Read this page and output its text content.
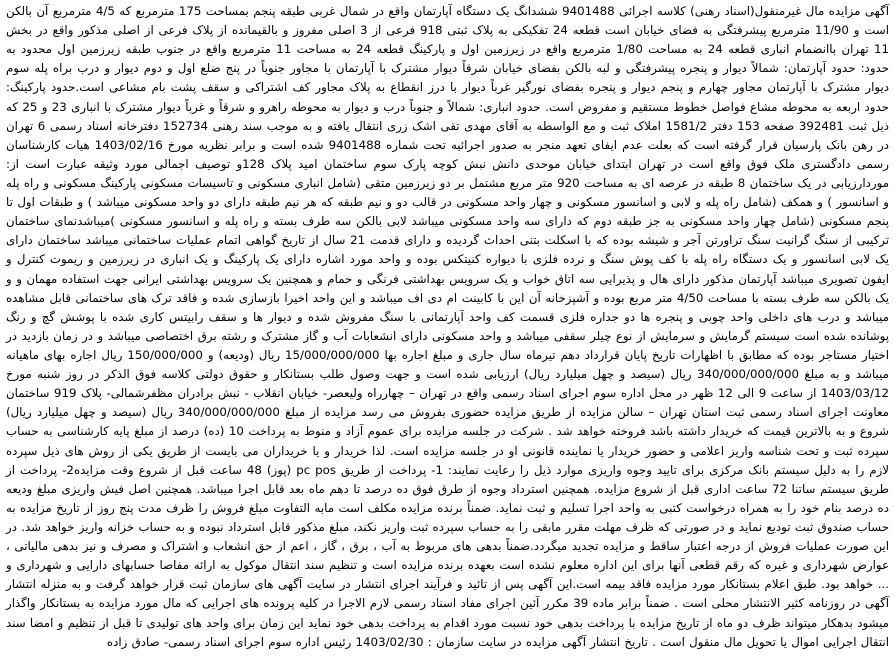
آگهی مزایده مال غیرمنقول(اسناد رهنی) کلاسه اجرائی 9401488 ششدانگ یک دستگاه آپارتمان واقع در شمال غربی طبقه پنجم بمساحت 175 مترمربع که 4/5 مترمربع آن بالکن است و 11/90 مترمربع پیشرفتگی به فضای خیابان است قطعه 24 تفکیکی به پلاک ثبتی 918 فرعی از 3 اصلی مفروز و بالقیمانده از پلاک فرعی از اصلی مذکور واقع در بخش 11 تهران باانضمام انباری قطعه 24 به مساحت 1/80 مترمربع واقع در زیرزمین اول و پارکینگ قطعه 24 به مساحت 11 مترمربع واقع در جنوب طبقه زیرزمین اول محدود به حدود: حدود آپارتمان: شمالاً دیوار و پنجره پیشرفتگی و لبه بالکن بفضای خیابان شرقاً دیوار مشترک با آپارتمان با مجاور جنوباً در پنج ضلع اول و دوم دیوار و درب براه پله سوم دیوار مشترک با آپارتمان مجاور چهارم و پنجم دیوار و پنجره بفضای نورگیر غرباً دیوار با درز انقطاع به پلاک مجاور کف اشتراکی و سقف پشت بام مشاعی است.حدود پارکینگ: حدود اربعه به محوطه مشاع فواصل خطوط مستقیم و مفروض است. حدود انباری: شمالاً و جنوباً درب و دیوار به محوطه راهرو و شرقاً و غرباً دیوار مشترک با انباری 23 و 25 که ذیل ثبت 392481 صفحه 153 دفتر 1581/2 املاک ثبت و مع الواسطه به آقای مهدی تقی اشک زری انتقال یافته و به موجب سند رهنی 152734 دفترخانه اسناد رسمی 6 تهران در رهن بانک پارسیان قرار گرفته است که بعلت عدم ایفای تعهد منجر به صدور اجرائیه تحت شماره 9401488 شده است و برابر نظریه مورخ 1403/02/16 هیات کارشناسان رسمی دادگستری ملک فوق واقع است در تهران ابتدای خیابان موحدی دانش نبش کوچه پارک سوم ساختمان امید پلاک 128و توصیف اجمالی مورد وثیقه عبارت است از: موردارزیابی در یک ساختمان 8 طبقه در عرصه ای به مساحت 920 متر مربع مشتمل بر دو زیرزمین متقی (شامل انباری مسکونی و تاسیسات مسکونی پارکینگ مسکونی و راه پله و اسانسور ) و همکف (شامل راه پله و لابی و اسانسور مسکونی و چهار واحد مسکونی در قالب دو و نیم طبقه که هر نیم طبقه دارای دو واحد مسکونی میباشد ) و طبقات اول تا پنجم مسکونی (شامل چهار واحد مسکونی به جز طبقه دوم که دارای سه واحد مسکونی میباشد لابی بالکن سه طرف بسته و راه پله و اسانسور مسکونی )میباشدنمای ساختمان ترکیبی از سنگ گرانیت سنگ تراورتن آجر و شیشه بوده که با اسکلت بتنی احداث گردیده و دارای قدمت 21 سال از تاریخ گواهی اتمام عملیات ساختمانی میباشد ساختمان دارای یک لابی اسانسور و یک دستگاه راه پله با کف پوش سنگ و نرده فلزی با دیواره کنیتکس بوده و واحد مورد اشاره دارای یک پارکینگ و یک انباری در زیرزمین و ریموت کنترل و ایفون تصویری میباشد آپارتمان مذکور دارای هال و پذیرایی سه اتاق خواب و یک سرویس بهداشتی فرنگی و حمام و همچنین یک سرویس بهداشتی ایرانی جهت استفاده مهمان و و یک بالکن سه طرف بسته با مساحت 4/50 متر مربع بوده و آشپزخانه آن این با کابینت ام دی اف میباشد و این واحد اخیرا بازسازی شده و فاقد ترک های ساختمانی قابل مشاهده میباشد و درب های داخلی واحد چوبی و پنجره ها دو جداره فلزی قسمت کف واحد آپارتمانی با سنگ مفروش شده و دیوار ها و سقف رابیتس کاری شده با پوشش گچ و رنگ پوشانده شده است سیستم گرمایش و سرمایش از نوع چیلر سقفی میباشد و واحد مسکونی دارای انشعابات آب و گاز مشترک و رشته برق اختصاصی میباشد و در زمان بازدید در اختیار مستاجر بوده که مطابق با اظهارات تاریخ پایان قرارداد دهم تیرماه سال جاری و مبلغ اجاره بها 15/000/000/000 ریال (ودیعه) و 150/000/000 ریال اجاره بهای ماهیانه میباشد و به مبلغ 340/000/000/000 ریال (سیصد و چهل میلیارد ریال) ارزیابی شده است و جهت وصول طلب بستانکار و حقوق دولتی کلاسه فوق الذکر در روز شنبه مورخ 1403/03/12 از ساعت 9 الی 12 ظهر در محل اداره سوم اجرای اسناد رسمی واقع در تهران – چهارراه ولیعصر- خیابان انقلاب - نبش برادران مظفرشمالی- پلاک 919 ساختمان معاونت اجرای اسناد رسمی ثبت استان تهران – سالن مزایده از طریق مزایده حضوری بفروش می رسد مزایده از مبلغ 340/000/000/000 ریال (سیصد و چهل میلیارد ریال) شروع و به بالاترین قیمت که خریدار داشته باشد فروخته خواهد شد . شرکت در جلسه مزایده برای عموم آزاد و منوط به پرداخت 10 (ده) درصد از مبلغ پایه کارشناسی به حساب سپرده ثبت و تحت شناسه واریز اعلامی و حضور خریدار یا نماینده قانونی او در جلسه مزایده است. لذا خریدار و یا خریداران می بایست از طریق یکی از روش های ذیل سپرده لازم را به دلیل سیستم بانک مرکزی برای تایید وجوه واریزی موارد ذیل را رعایت نمایند: 1- پرداخت از طریق pc pos (پوز) 48 ساعت قبل از شروع وقت مزایده2- پرداخت از طریق سیستم ساتنا 72 ساعت اداری قبل از شروع مزایده. همچنین استرداد وجوه از طرق فوق ده درصد تا دهم ماه بعد قابل اجرا میباشد. همچنین اصل فیش واریزی مبلغ ودیعه ده درصد بنام خود را به همراه درخواست کتبی به واحد اجرا تسلیم و ثبت نماید. ضمناً برنده مزایده مکلف است مابه التفاوت مبلغ فروش را ظرف مدت پنج روز از تاریخ مزایده به حساب صندوق ثبت تودیع نماید و در صورتی که ظرف مهلت مقرر مابقی را به حساب سپرده ثبت واریز نکند، مبلغ مذکور قابل استرداد نبوده و به حساب خزانه واریز خواهد شد. در این صورت عملیات فروش از درجه اعتبار ساقط و مزایده تجدید میگردد.ضمناً بدهی های مربوط به آب ، برق ، گاز ، اعم از حق انشعاب و اشتراک و مصرف و نیز بدهی مالیاتی ، عوارض شهرداری و غیره که رقم قطعی آنها برای این اداره معلوم نشده است بعهده برنده مزایده است و تنظیم سند انتقال موکول به ارائه مفاصا حسابهای دارایی و شهرداری و ... خواهد بود. طبق اعلام بستانکار مورد مزایده فاقد بیمه است.این آگهی پس از تائید و فرآیند اجرای انتشار در سایت آگهی های سازمان ثبت قرار خواهد گرفت و به منزله انتشار آگهی در روزنامه کثیر الانتشار محلی است . ضمناً برابر ماده 39 مکرر آئین اجرای مفاد اسناد رسمی لازم الاجرا در کلیه پرونده های اجرایی که مال مورد مزایده به بستانکار واگذار میشود بدهکار میتواند ظرف دو ماه از تاریخ مزایده با پرداخت بدهی خود نسبت مورد اقدام به پرداخت بدهی خود نماید این زمان برای واحد های تولیدی تا قبل از تنظیم و امضا سند انتقال اجرایی اموال یا تحویل مال منقول است . تاریخ انتشار آگهی مزایده در سایت سازمان : 1403/02/30 رئیس اداره سوم اجرای اسناد رسمی- صادق زاده
